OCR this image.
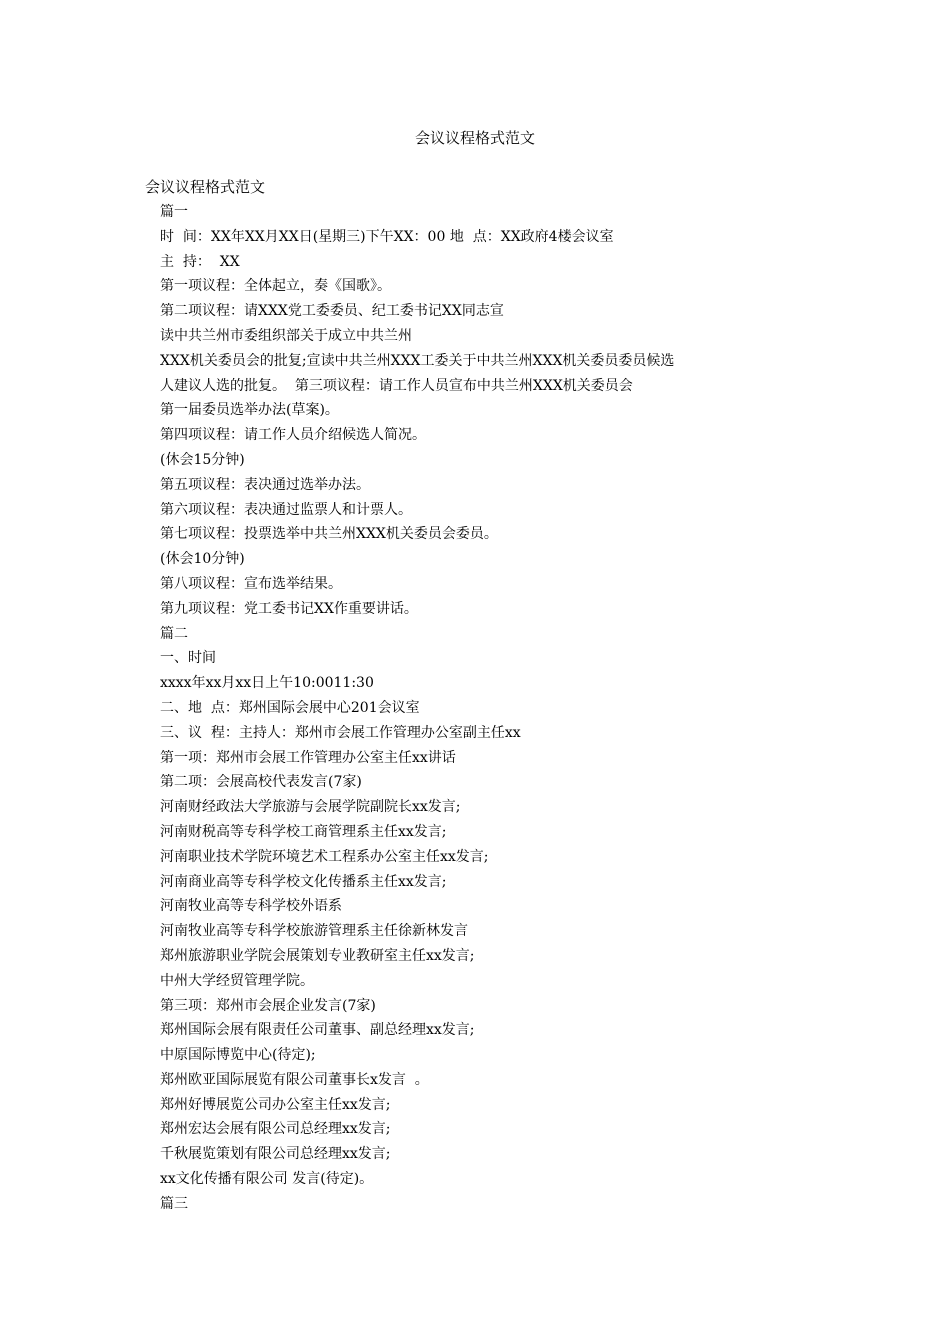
会议议程格式范文
会议议程格式范文
篇一
时  间：XX年XX月XX日(星期三)下午XX：00 地  点：XX政府4楼会议室
主  持：  XX
第一项议程：全体起立，奏《国歌》。
第二项议程：请XXX党工委委员、纪工委书记XX同志宣
读中共兰州市委组织部关于成立中共兰州
XXX机关委员会的批复;宣读中共兰州XXX工委关于中共兰州XXX机关委员委员候选
人建议人选的批复。  第三项议程：请工作人员宣布中共兰州XXX机关委员会
第一届委员选举办法(草案)。
第四项议程：请工作人员介绍候选人简况。
(休会15分钟)
第五项议程：表决通过选举办法。
第六项议程：表决通过监票人和计票人。
第七项议程：投票选举中共兰州XXX机关委员会委员。
(休会10分钟)
第八项议程：宣布选举结果。
第九项议程：党工委书记XX作重要讲话。
篇二
一、时间
xxxx年xx月xx日上午10:0011:30
二、地  点：郑州国际会展中心201会议室
三、议  程：主持人：郑州市会展工作管理办公室副主任xx
第一项：郑州市会展工作管理办公室主任xx讲话
第二项：会展高校代表发言(7家)
河南财经政法大学旅游与会展学院副院长xx发言;
河南财税高等专科学校工商管理系主任xx发言;
河南职业技术学院环境艺术工程系办公室主任xx发言;
河南商业高等专科学校文化传播系主任xx发言;
河南牧业高等专科学校外语系
河南牧业高等专科学校旅游管理系主任徐新林发言
郑州旅游职业学院会展策划专业教研室主任xx发言;
中州大学经贸管理学院。
第三项：郑州市会展企业发言(7家)
郑州国际会展有限责任公司董事、副总经理xx发言;
中原国际博览中心(待定);
郑州欧亚国际展览有限公司董事长x发言  。
郑州好博展览公司办公室主任xx发言;
郑州宏达会展有限公司总经理xx发言;
千秋展览策划有限公司总经理xx发言;
xx文化传播有限公司 发言(待定)。
篇三
